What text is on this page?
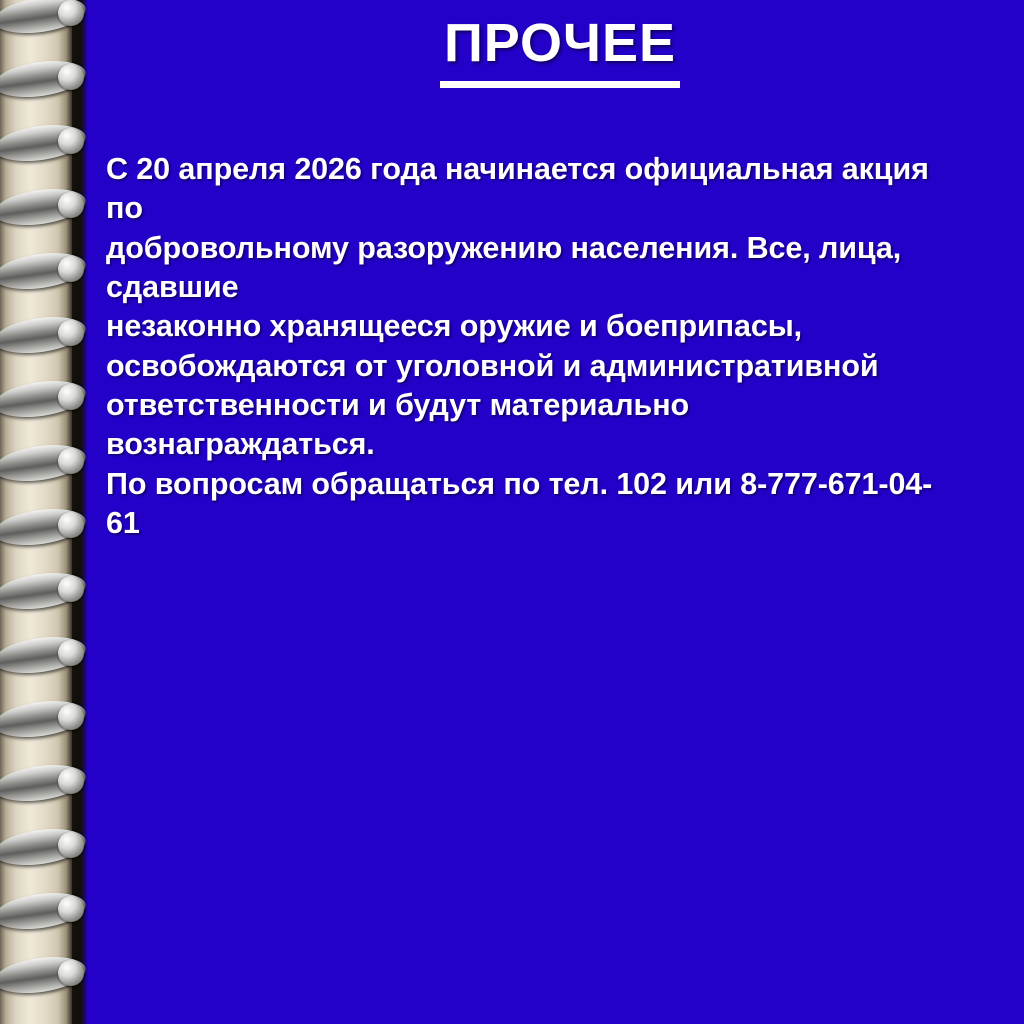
ПРОЧЕЕ

С 20 апреля 2026 года начинается официальная акция по

добровольному разоружению населения. Все, лица, сдавшие

незаконно хранящееся оружие и боеприпасы,

освобождаются от уголовной и административной

ответственности и будут материально вознаграждаться.

По вопросам обращаться по тел. 102 или 8-777-671-04-61
